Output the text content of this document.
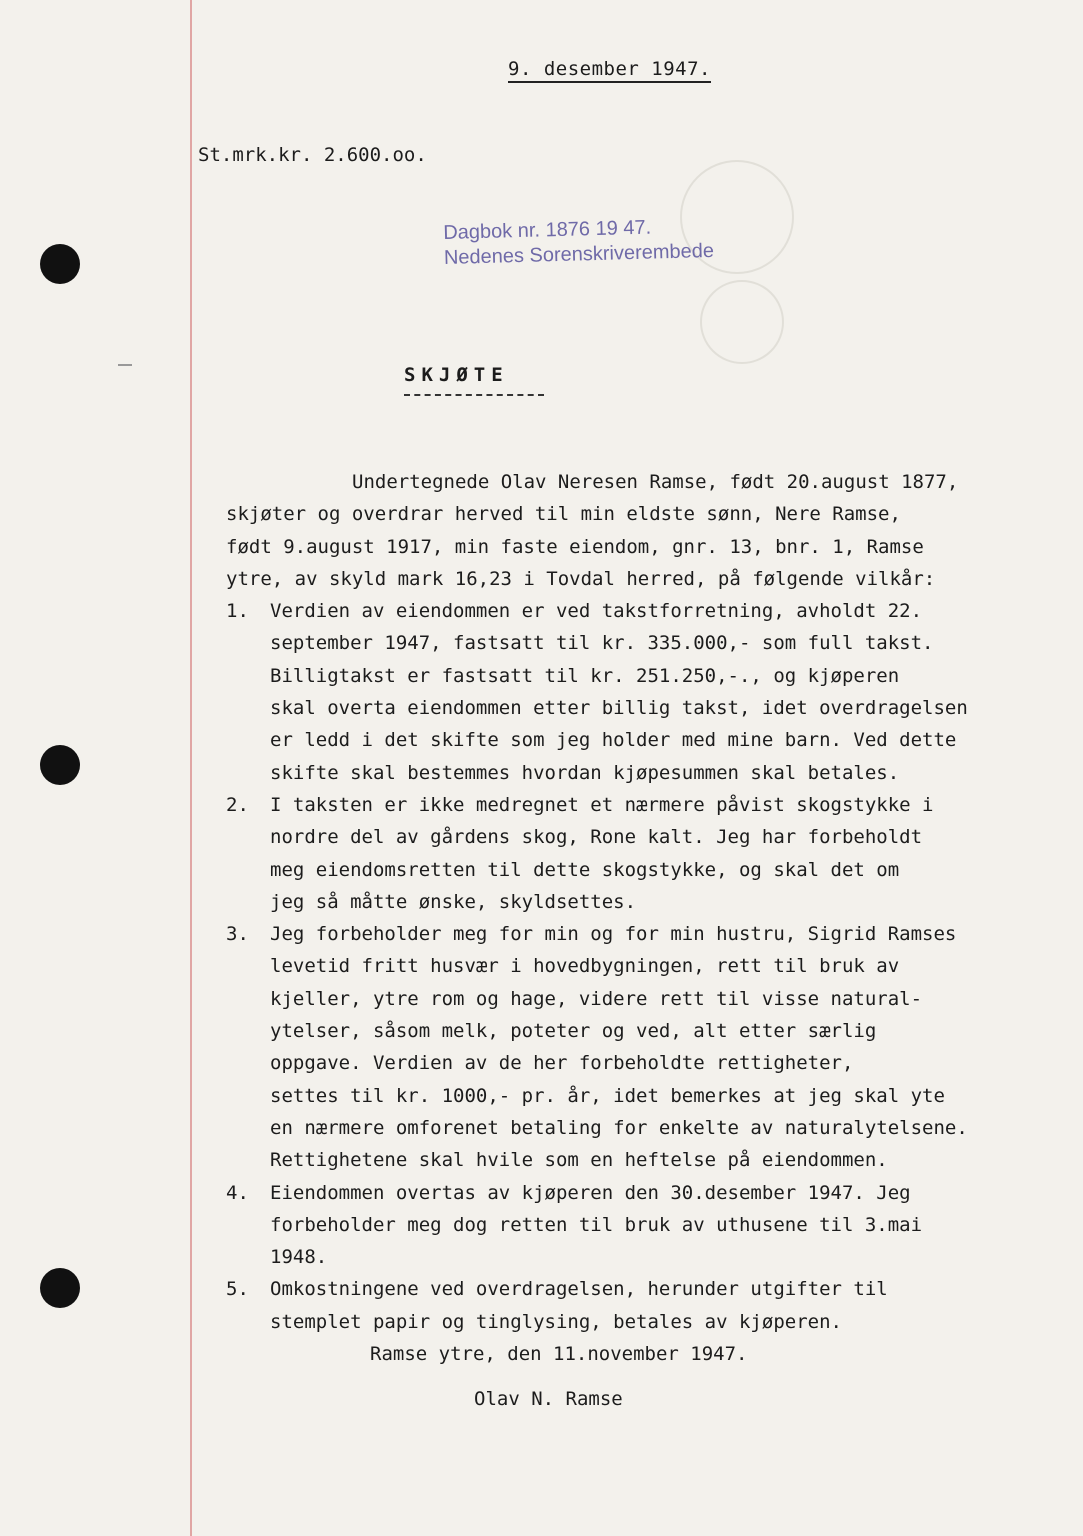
9. desember 1947.
St.mrk.kr. 2.600.oo.
Dagbok nr. 1876 19 47.
Nedenes Sorenskriverembede
SKJØTE
Undertegnede Olav Neresen Ramse, født 20.august 1877,
skjøter og overdrar herved til min eldste sønn, Nere Ramse,
født 9.august 1917, min faste eiendom, gnr. 13, bnr. 1, Ramse
ytre, av skyld mark 16,23 i Tovdal herred, på følgende vilkår:
1.	Verdien av eiendommen er ved takstforretning, avholdt 22.
september 1947, fastsatt til kr. 335.000,- som full takst.
Billigtakst er fastsatt til kr. 251.250,-., og kjøperen
skal overta eiendommen etter billig takst, idet overdragelsen
er ledd i det skifte som jeg holder med mine barn. Ved dette
skifte skal bestemmes hvordan kjøpesummen skal betales.
2.	I taksten er ikke medregnet et nærmere påvist skogstykke i
nordre del av gårdens skog, Rone kalt. Jeg har forbeholdt
meg eiendomsretten til dette skogstykke, og skal det om
jeg så måtte ønske, skyldsettes.
3.	Jeg forbeholder meg for min og for min hustru, Sigrid Ramses
levetid fritt husvær i hovedbygningen, rett til bruk av
kjeller, ytre rom og hage, videre rett til visse natural-
ytelser, såsom melk, poteter og ved, alt etter særlig
oppgave. Verdien av de her forbeholdte rettigheter,
settes til kr. 1000,- pr. år, idet bemerkes at jeg skal yte
en nærmere omforenet betaling for enkelte av naturalytelsene.
Rettighetene skal hvile som en heftelse på eiendommen.
4.	Eiendommen overtas av kjøperen den 30.desember 1947. Jeg
forbeholder meg dog retten til bruk av uthusene til 3.mai
1948.
5.	Omkostningene ved overdragelsen, herunder utgifter til
stemplet papir og tinglysing, betales av kjøperen.
Ramse ytre, den 11.november 1947.
Olav N. Ramse
